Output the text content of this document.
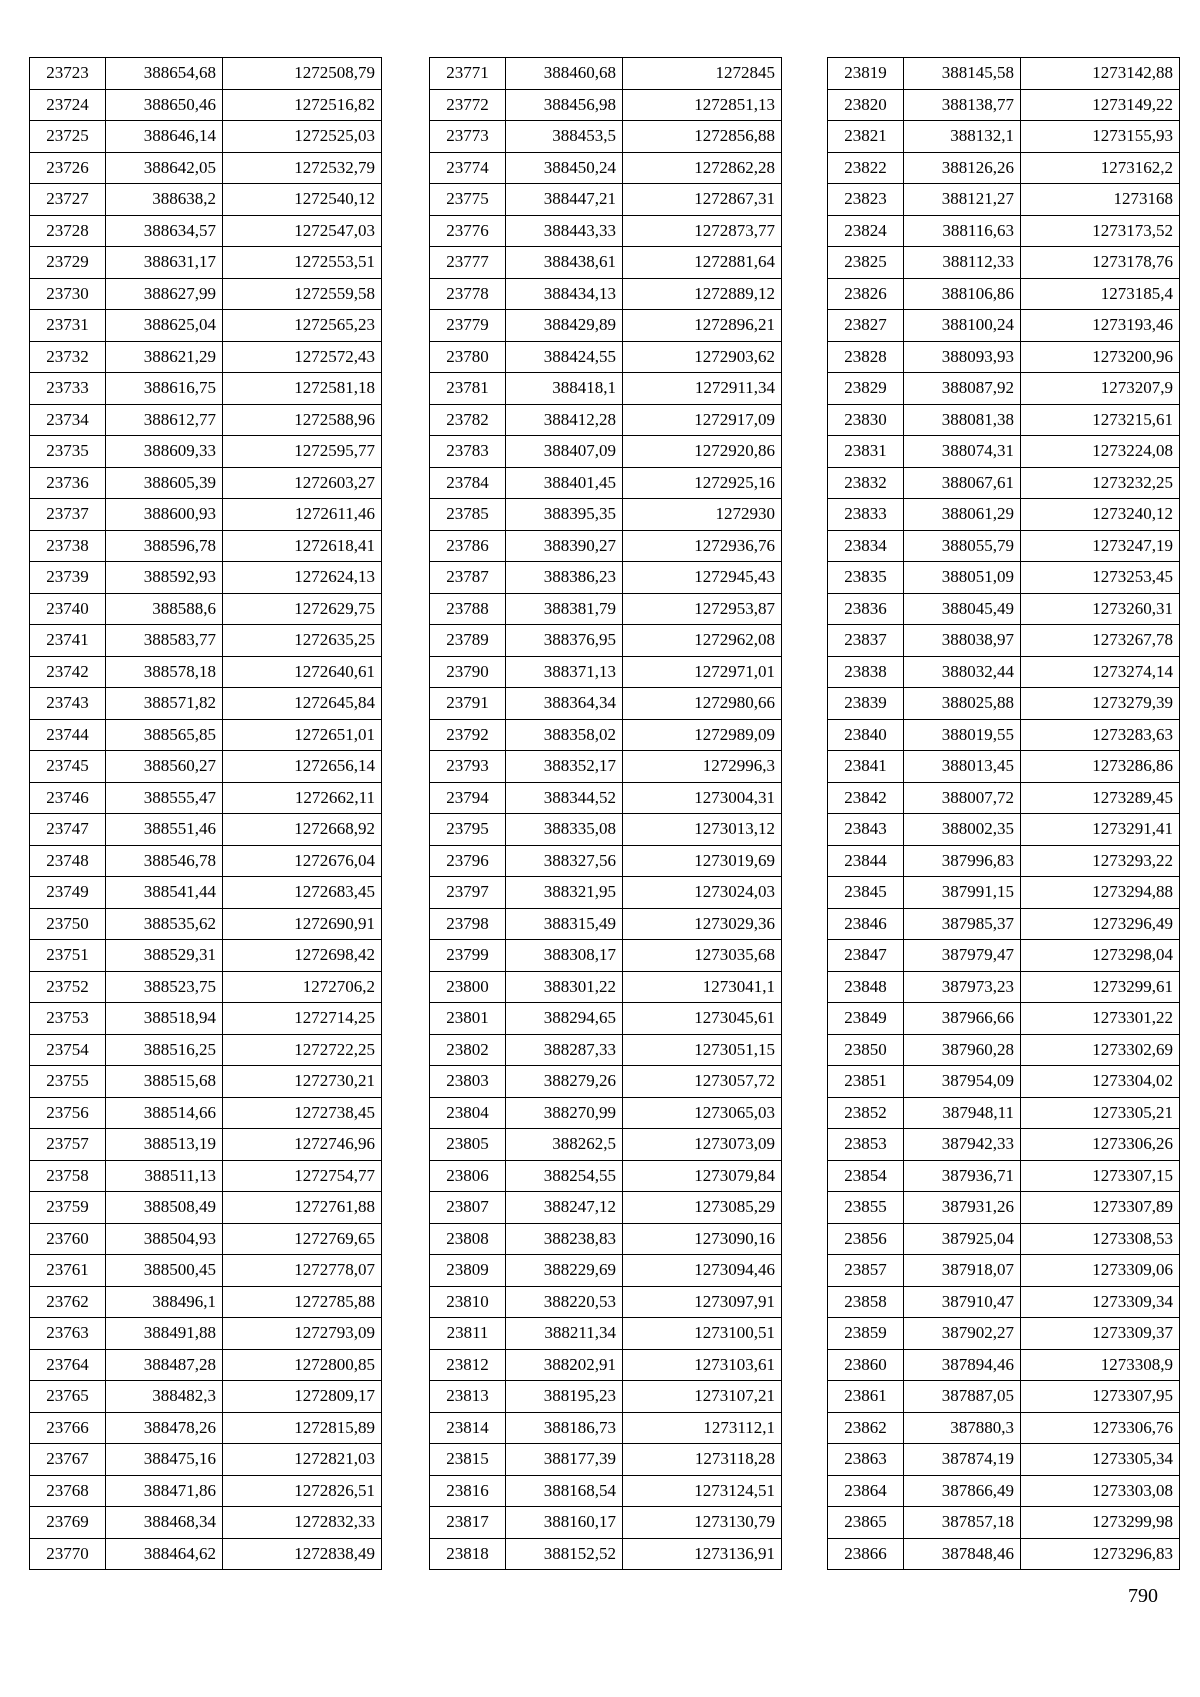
23723	388654,68	1272508,79
23724	388650,46	1272516,82
23725	388646,14	1272525,03
23726	388642,05	1272532,79
23727	388638,2	1272540,12
23728	388634,57	1272547,03
23729	388631,17	1272553,51
23730	388627,99	1272559,58
23731	388625,04	1272565,23
23732	388621,29	1272572,43
23733	388616,75	1272581,18
23734	388612,77	1272588,96
23735	388609,33	1272595,77
23736	388605,39	1272603,27
23737	388600,93	1272611,46
23738	388596,78	1272618,41
23739	388592,93	1272624,13
23740	388588,6	1272629,75
23741	388583,77	1272635,25
23742	388578,18	1272640,61
23743	388571,82	1272645,84
23744	388565,85	1272651,01
23745	388560,27	1272656,14
23746	388555,47	1272662,11
23747	388551,46	1272668,92
23748	388546,78	1272676,04
23749	388541,44	1272683,45
23750	388535,62	1272690,91
23751	388529,31	1272698,42
23752	388523,75	1272706,2
23753	388518,94	1272714,25
23754	388516,25	1272722,25
23755	388515,68	1272730,21
23756	388514,66	1272738,45
23757	388513,19	1272746,96
23758	388511,13	1272754,77
23759	388508,49	1272761,88
23760	388504,93	1272769,65
23761	388500,45	1272778,07
23762	388496,1	1272785,88
23763	388491,88	1272793,09
23764	388487,28	1272800,85
23765	388482,3	1272809,17
23766	388478,26	1272815,89
23767	388475,16	1272821,03
23768	388471,86	1272826,51
23769	388468,34	1272832,33
23770	388464,62	1272838,49
23771	388460,68	1272845
23772	388456,98	1272851,13
23773	388453,5	1272856,88
23774	388450,24	1272862,28
23775	388447,21	1272867,31
23776	388443,33	1272873,77
23777	388438,61	1272881,64
23778	388434,13	1272889,12
23779	388429,89	1272896,21
23780	388424,55	1272903,62
23781	388418,1	1272911,34
23782	388412,28	1272917,09
23783	388407,09	1272920,86
23784	388401,45	1272925,16
23785	388395,35	1272930
23786	388390,27	1272936,76
23787	388386,23	1272945,43
23788	388381,79	1272953,87
23789	388376,95	1272962,08
23790	388371,13	1272971,01
23791	388364,34	1272980,66
23792	388358,02	1272989,09
23793	388352,17	1272996,3
23794	388344,52	1273004,31
23795	388335,08	1273013,12
23796	388327,56	1273019,69
23797	388321,95	1273024,03
23798	388315,49	1273029,36
23799	388308,17	1273035,68
23800	388301,22	1273041,1
23801	388294,65	1273045,61
23802	388287,33	1273051,15
23803	388279,26	1273057,72
23804	388270,99	1273065,03
23805	388262,5	1273073,09
23806	388254,55	1273079,84
23807	388247,12	1273085,29
23808	388238,83	1273090,16
23809	388229,69	1273094,46
23810	388220,53	1273097,91
23811	388211,34	1273100,51
23812	388202,91	1273103,61
23813	388195,23	1273107,21
23814	388186,73	1273112,1
23815	388177,39	1273118,28
23816	388168,54	1273124,51
23817	388160,17	1273130,79
23818	388152,52	1273136,91
23819	388145,58	1273142,88
23820	388138,77	1273149,22
23821	388132,1	1273155,93
23822	388126,26	1273162,2
23823	388121,27	1273168
23824	388116,63	1273173,52
23825	388112,33	1273178,76
23826	388106,86	1273185,4
23827	388100,24	1273193,46
23828	388093,93	1273200,96
23829	388087,92	1273207,9
23830	388081,38	1273215,61
23831	388074,31	1273224,08
23832	388067,61	1273232,25
23833	388061,29	1273240,12
23834	388055,79	1273247,19
23835	388051,09	1273253,45
23836	388045,49	1273260,31
23837	388038,97	1273267,78
23838	388032,44	1273274,14
23839	388025,88	1273279,39
23840	388019,55	1273283,63
23841	388013,45	1273286,86
23842	388007,72	1273289,45
23843	388002,35	1273291,41
23844	387996,83	1273293,22
23845	387991,15	1273294,88
23846	387985,37	1273296,49
23847	387979,47	1273298,04
23848	387973,23	1273299,61
23849	387966,66	1273301,22
23850	387960,28	1273302,69
23851	387954,09	1273304,02
23852	387948,11	1273305,21
23853	387942,33	1273306,26
23854	387936,71	1273307,15
23855	387931,26	1273307,89
23856	387925,04	1273308,53
23857	387918,07	1273309,06
23858	387910,47	1273309,34
23859	387902,27	1273309,37
23860	387894,46	1273308,9
23861	387887,05	1273307,95
23862	387880,3	1273306,76
23863	387874,19	1273305,34
23864	387866,49	1273303,08
23865	387857,18	1273299,98
23866	387848,46	1273296,83
790
